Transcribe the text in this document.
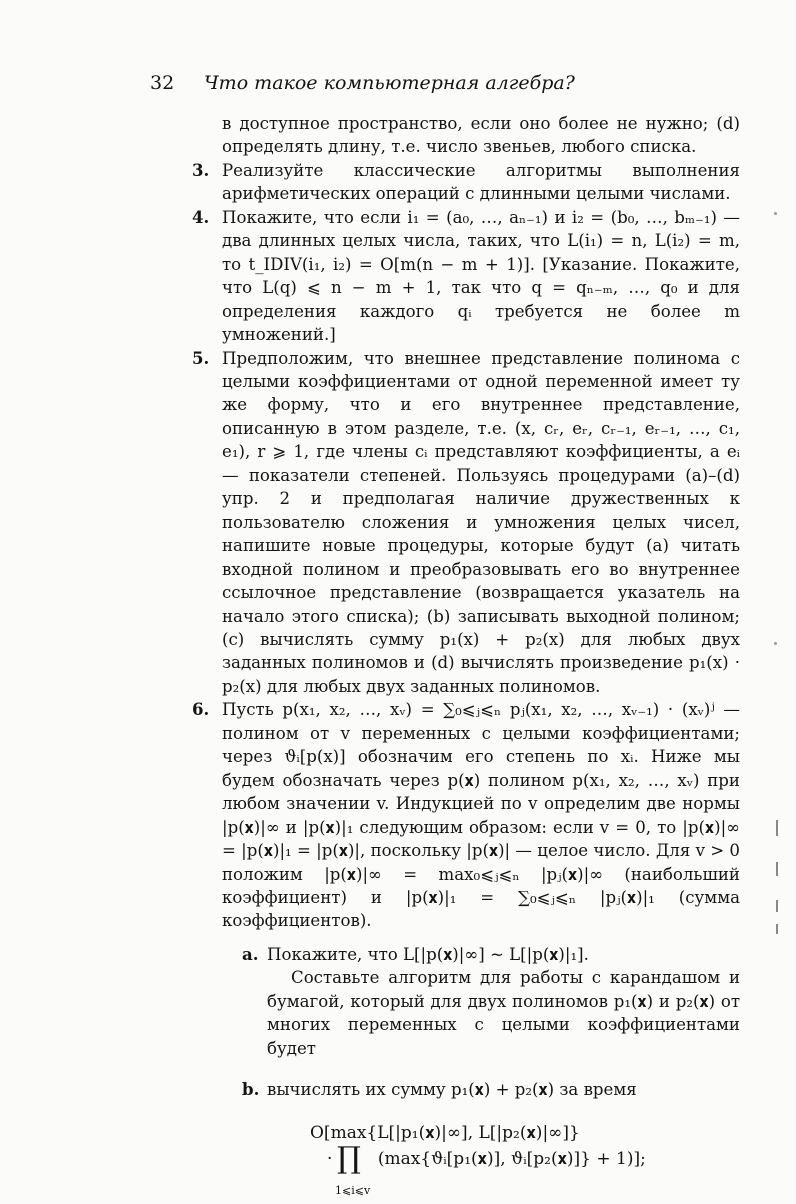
32 Что такое компьютерная алгебра?

в доступное пространство, если оно более не нужно; (d) определять длину, т.е. число звеньев, любого списка.

3. Реализуйте классические алгоритмы выполнения арифметических операций с длинными целыми числами.

4. Покажите, что если i₁ = (a₀, …, aₙ₋₁) и i₂ = (b₀, …, bₘ₋₁) — два длинных целых числа, таких, что L(i₁) = n, L(i₂) = m, то t_IDIV(i₁, i₂) = O[m(n − m + 1)]. [Указание. Покажите, что L(q) ⩽ n − m + 1, так что q = qₙ₋ₘ, …, q₀ и для определения каждого qᵢ требуется не более m умножений.]

5. Предположим, что внешнее представление полинома с целыми коэффициентами от одной переменной имеет ту же форму, что и его внутреннее представление, описанную в этом разделе, т.е. (x, cᵣ, eᵣ, cᵣ₋₁, eᵣ₋₁, …, c₁, e₁), r ⩾ 1, где члены cᵢ представляют коэффициенты, а eᵢ — показатели степеней. Пользуясь процедурами (a)–(d) упр. 2 и предполагая наличие дружественных к пользователю сложения и умножения целых чисел, напишите новые процедуры, которые будут (a) читать входной полином и преобразовывать его во внутреннее ссылочное представление (возвращается указатель на начало этого списка); (b) записывать выходной полином; (c) вычислять сумму p₁(x) + p₂(x) для любых двух заданных полиномов и (d) вычислять произведение p₁(x) · p₂(x) для любых двух заданных полиномов.

6. Пусть p(x₁, x₂, …, xᵥ) = ∑₀⩽ⱼ⩽ₙ pⱼ(x₁, x₂, …, xᵥ₋₁) · (xᵥ)ʲ — полином от v переменных с целыми коэффициентами; через ϑᵢ[p(x)] обозначим его степень по xᵢ. Ниже мы будем обозначать через p(𝐱) полином p(x₁, x₂, …, xᵥ) при любом значении v. Индукцией по v определим две нормы |p(𝐱)|∞ и |p(𝐱)|₁ следующим образом: если v = 0, то |p(𝐱)|∞ = |p(𝐱)|₁ = |p(𝐱)|, поскольку |p(𝐱)| — целое число. Для v > 0 положим |p(𝐱)|∞ = max₀⩽ⱼ⩽ₙ |pⱼ(𝐱)|∞ (наибольший коэффициент) и |p(𝐱)|₁ = ∑₀⩽ⱼ⩽ₙ |pⱼ(𝐱)|₁ (сумма коэффициентов).

a. Покажите, что L[|p(𝐱)|∞] ~ L[|p(𝐱)|₁].

Составьте алгоритм для работы с карандашом и бумагой, который для двух полиномов p₁(𝐱) и p₂(𝐱) от многих переменных с целыми коэффициентами будет

b. вычислять их сумму p₁(𝐱) + p₂(𝐱) за время

O[max{L[|p₁(𝐱)|∞], L[|p₂(𝐱)|∞]}

· ∏
1⩽i⩽v
(max{ϑᵢ[p₁(𝐱)], ϑᵢ[p₂(𝐱)]} + 1)];
